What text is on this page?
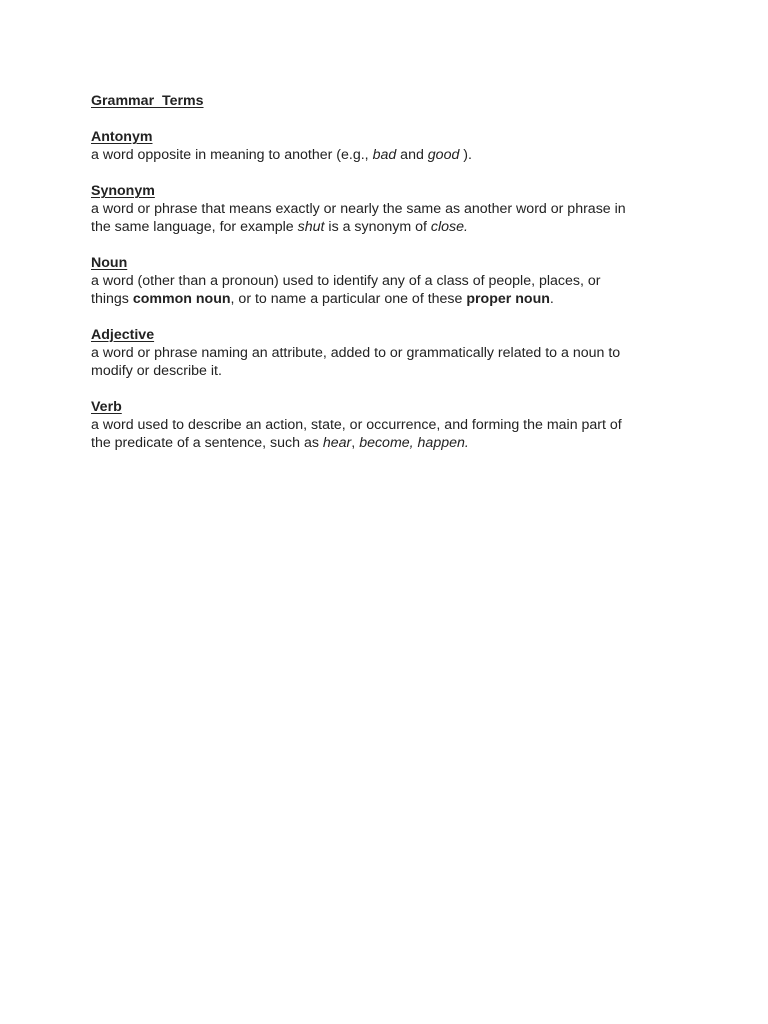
Grammar  Terms

Antonym

a word opposite in meaning to another (e.g., bad and good ).

Synonym

a word or phrase that means exactly or nearly the same as another word or phrase in
the same language, for example shut is a synonym of close.

Noun

a word (other than a pronoun) used to identify any of a class of people, places, or
things common noun, or to name a particular one of these proper noun.

Adjective

a word or phrase naming an attribute, added to or grammatically related to a noun to
modify or describe it.

Verb

a word used to describe an action, state, or occurrence, and forming the main part of
the predicate of a sentence, such as hear, become, happen.
